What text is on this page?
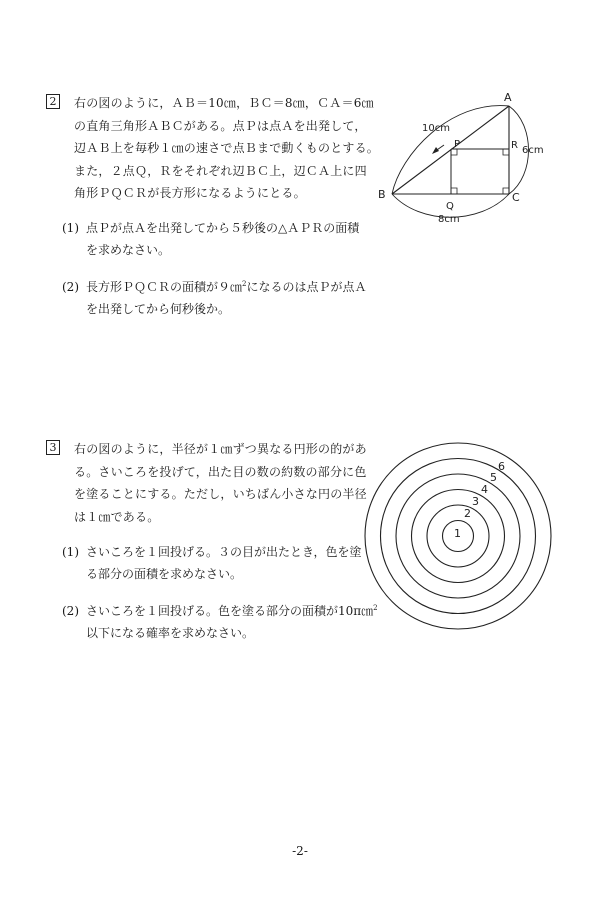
2 右の図のように，ＡＢ＝10㎝，ＢＣ＝8㎝，ＣＡ＝6㎝
の直角三角形ＡＢＣがある。点Ｐは点Ａを出発して，
辺ＡＢ上を毎秒１㎝の速さで点Ｂまで動くものとする。
また，２点Ｑ，Ｒをそれぞれ辺ＢＣ上，辺ＣＡ上に四
角形ＰＱＣＲが長方形になるようにとる。
(1) 点Ｐが点Ａを出発してから５秒後の△ＡＰＲの面積
を求めなさい。
(2) 長方形ＰＱＣＲの面積が９㎝$^2$になるのは点Ｐが点Ａ
を出発してから何秒後か。
A
B	C
P
Q
R
10cm
8cm
6cm
3 右の図のように，半径が１㎝ずつ異なる円形の的があ
る。さいころを投げて，出た目の数の約数の部分に色
を塗ることにする。ただし，いちばん小さな円の半径
は１㎝である。
(1) さいころを１回投げる。３の目が出たとき，色を塗
る部分の面積を求めなさい。
(2) さいころを１回投げる。色を塗る部分の面積が10π㎝$^2$
以下になる確率を求めなさい。
1
2
3
4
5
6
-2-
